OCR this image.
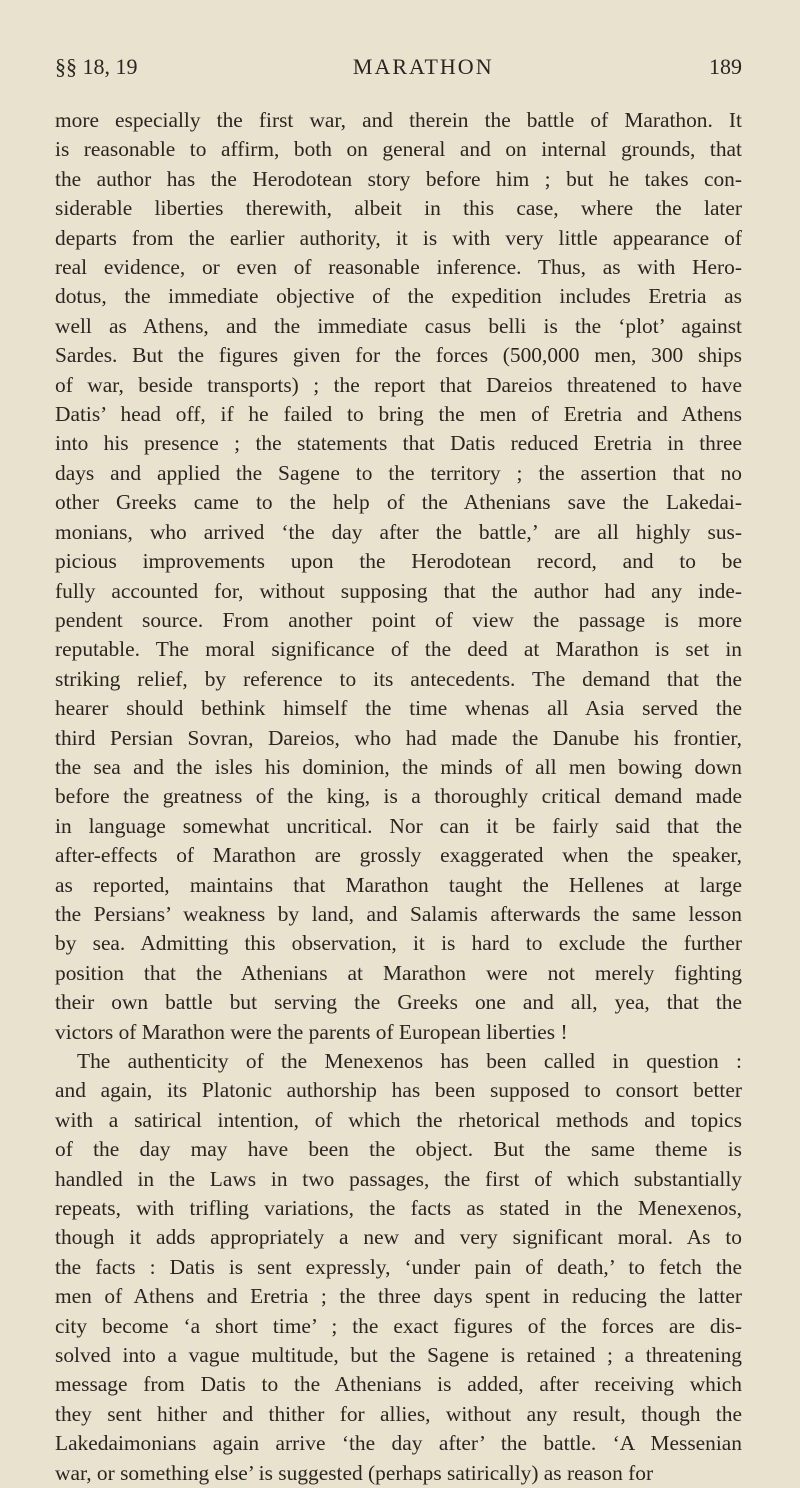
§§ 18, 19	MARATHON	189
more especially the first war, and therein the battle of Marathon. It
is reasonable to affirm, both on general and on internal grounds, that
the author has the Herodotean story before him ; but he takes con-
siderable liberties therewith, albeit in this case, where the later
departs from the earlier authority, it is with very little appearance of
real evidence, or even of reasonable inference. Thus, as with Hero-
dotus, the immediate objective of the expedition includes Eretria as
well as Athens, and the immediate casus belli is the ‘plot’ against
Sardes. But the figures given for the forces (500,000 men, 300 ships
of war, beside transports) ; the report that Dareios threatened to have
Datis’ head off, if he failed to bring the men of Eretria and Athens
into his presence ; the statements that Datis reduced Eretria in three
days and applied the Sagene to the territory ; the assertion that no
other Greeks came to the help of the Athenians save the Lakedai-
monians, who arrived ‘the day after the battle,’ are all highly sus-
picious improvements upon the Herodotean record, and to be
fully accounted for, without supposing that the author had any inde-
pendent source. From another point of view the passage is more
reputable. The moral significance of the deed at Marathon is set in
striking relief, by reference to its antecedents. The demand that the
hearer should bethink himself the time whenas all Asia served the
third Persian Sovran, Dareios, who had made the Danube his frontier,
the sea and the isles his dominion, the minds of all men bowing down
before the greatness of the king, is a thoroughly critical demand made
in language somewhat uncritical. Nor can it be fairly said that the
after-effects of Marathon are grossly exaggerated when the speaker,
as reported, maintains that Marathon taught the Hellenes at large
the Persians’ weakness by land, and Salamis afterwards the same lesson
by sea. Admitting this observation, it is hard to exclude the further
position that the Athenians at Marathon were not merely fighting
their own battle but serving the Greeks one and all, yea, that the
victors of Marathon were the parents of European liberties !
The authenticity of the Menexenos has been called in question :
and again, its Platonic authorship has been supposed to consort better
with a satirical intention, of which the rhetorical methods and topics
of the day may have been the object. But the same theme is
handled in the Laws in two passages, the first of which substantially
repeats, with trifling variations, the facts as stated in the Menexenos,
though it adds appropriately a new and very significant moral. As to
the facts : Datis is sent expressly, ‘under pain of death,’ to fetch the
men of Athens and Eretria ; the three days spent in reducing the latter
city become ‘a short time’ ; the exact figures of the forces are dis-
solved into a vague multitude, but the Sagene is retained ; a threatening
message from Datis to the Athenians is added, after receiving which
they sent hither and thither for allies, without any result, though the
Lakedaimonians again arrive ‘the day after’ the battle. ‘A Messenian
war, or something else’ is suggested (perhaps satirically) as reason for
